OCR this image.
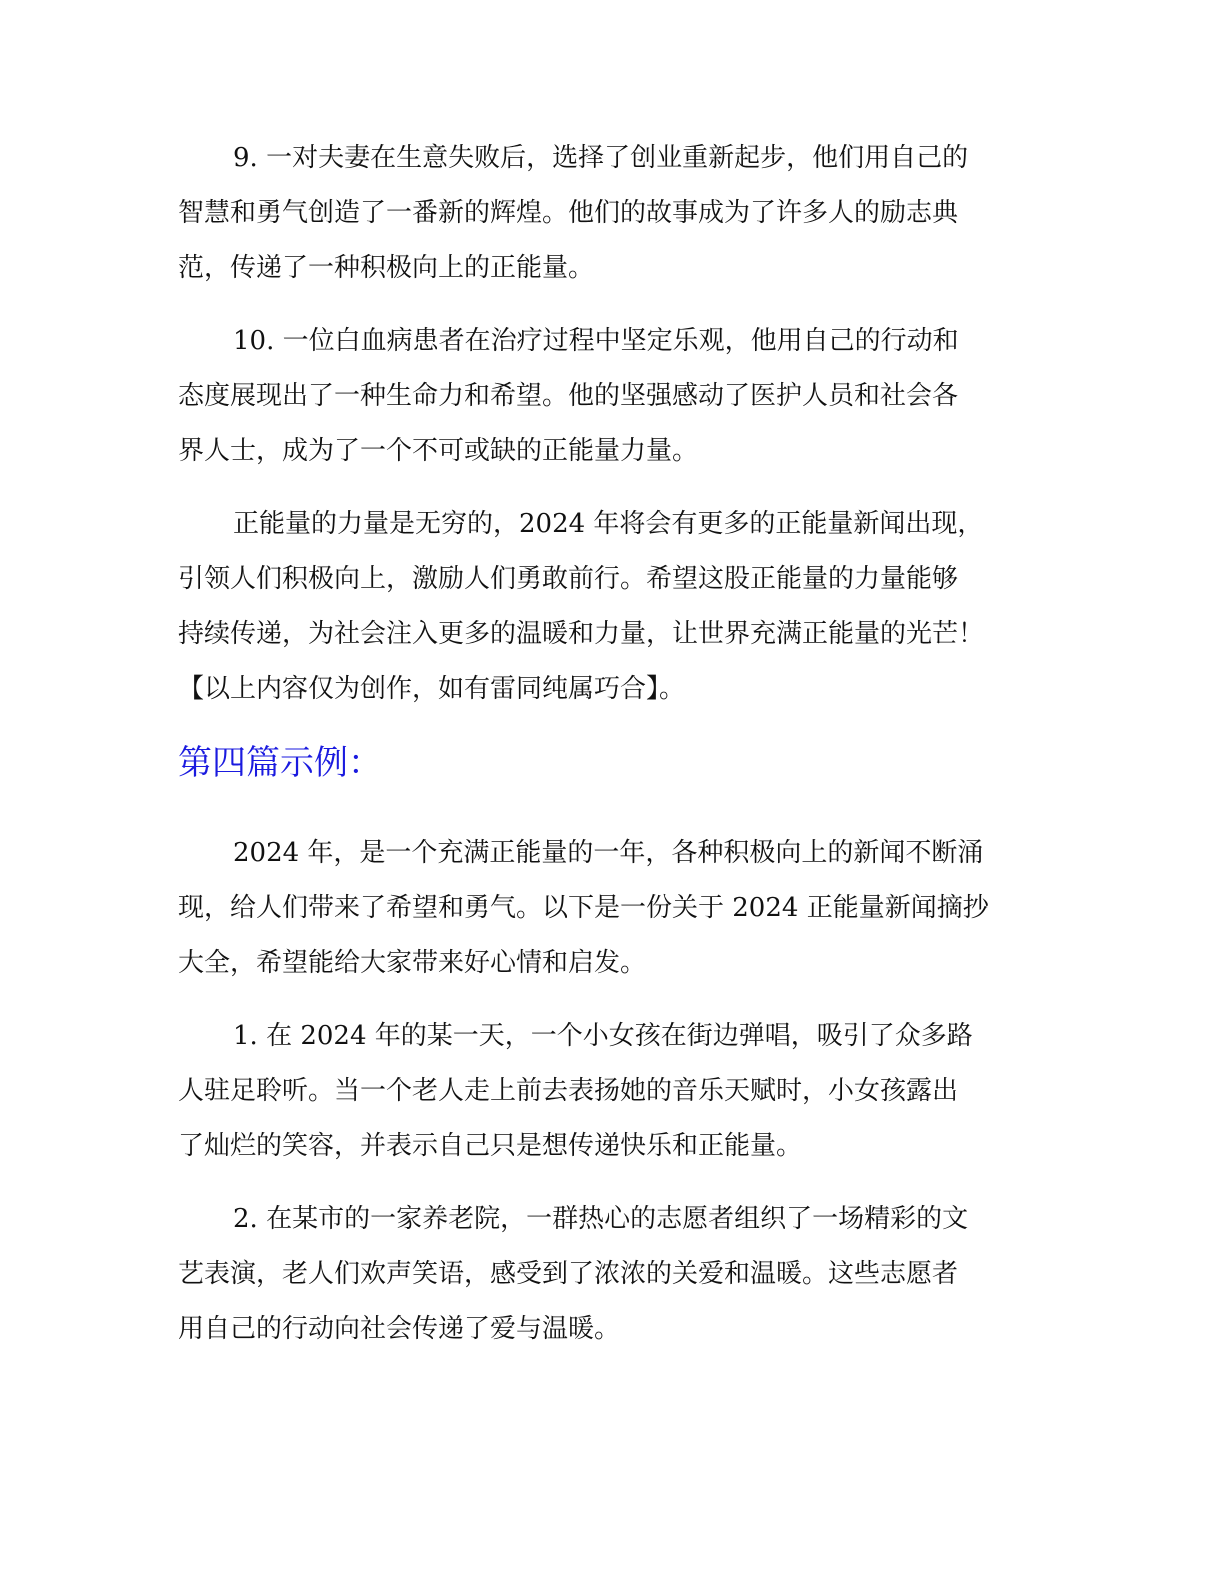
9. 一对夫妻在生意失败后，选择了创业重新起步，他们用自己的

智慧和勇气创造了一番新的辉煌。他们的故事成为了许多人的励志典

范，传递了一种积极向上的正能量。

10. 一位白血病患者在治疗过程中坚定乐观，他用自己的行动和

态度展现出了一种生命力和希望。他的坚强感动了医护人员和社会各

界人士，成为了一个不可或缺的正能量力量。

正能量的力量是无穷的，2024 年将会有更多的正能量新闻出现，

引领人们积极向上，激励人们勇敢前行。希望这股正能量的力量能够

持续传递，为社会注入更多的温暖和力量，让世界充满正能量的光芒！

【以上内容仅为创作，如有雷同纯属巧合】。

第四篇示例：

2024 年，是一个充满正能量的一年，各种积极向上的新闻不断涌

现，给人们带来了希望和勇气。以下是一份关于 2024 正能量新闻摘抄

大全，希望能给大家带来好心情和启发。

1. 在 2024 年的某一天，一个小女孩在街边弹唱，吸引了众多路

人驻足聆听。当一个老人走上前去表扬她的音乐天赋时，小女孩露出

了灿烂的笑容，并表示自己只是想传递快乐和正能量。

2. 在某市的一家养老院，一群热心的志愿者组织了一场精彩的文

艺表演，老人们欢声笑语，感受到了浓浓的关爱和温暖。这些志愿者

用自己的行动向社会传递了爱与温暖。
